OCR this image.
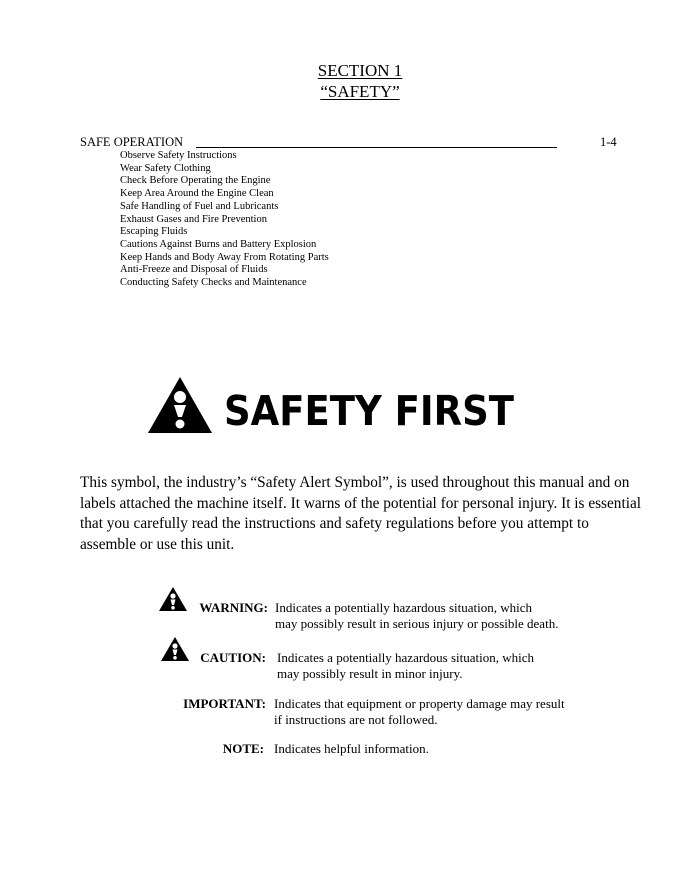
SECTION 1
“SAFETY”
SAFE OPERATION	1-4
Observe Safety Instructions
Wear Safety Clothing
Check Before Operating the Engine
Keep Area Around the Engine Clean
Safe Handling of Fuel and Lubricants
Exhaust Gases and Fire Prevention
Escaping Fluids
Cautions Against Burns and Battery Explosion
Keep Hands and Body Away From Rotating Parts
Anti-Freeze and Disposal of Fluids
Conducting Safety Checks and Maintenance
SAFETY FIRST

This symbol, the industry’s “Safety Alert Symbol”, is used throughout this manual and on labels attached the machine itself. It warns of the potential for personal injury. It is essential that you carefully read the instructions and safety regulations before you attempt to assemble or use this unit.

WARNING: Indicates a potentially hazardous situation, which
may possibly result in serious injury or possible death.
CAUTION: Indicates a potentially hazardous situation, which
may possibly result in minor injury.
IMPORTANT: Indicates that equipment or property damage may result
if instructions are not followed.
NOTE: Indicates helpful information.
